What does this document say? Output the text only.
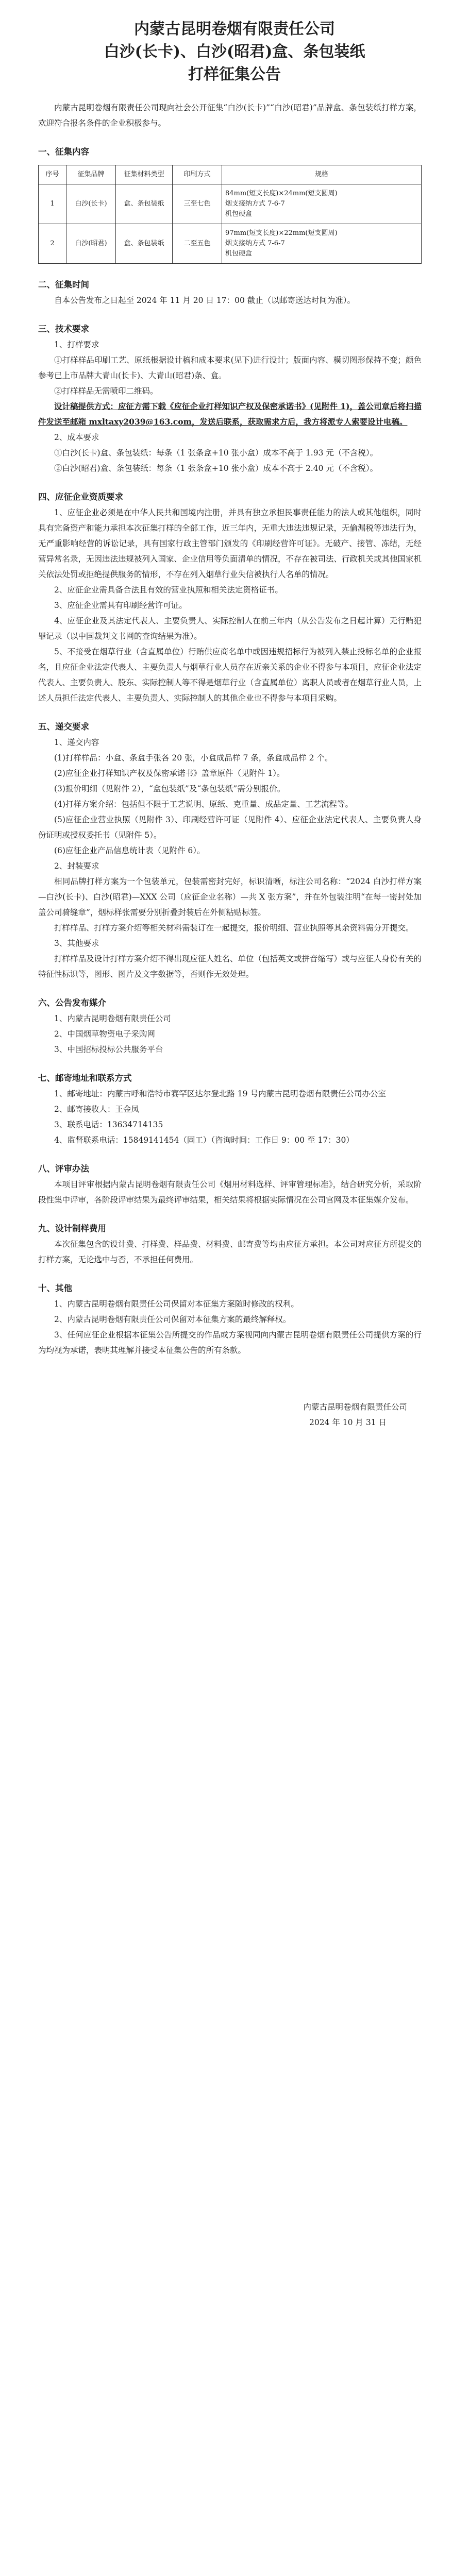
内蒙古昆明卷烟有限责任公司
白沙(长卡)、白沙(昭君)盒、条包装纸
打样征集公告

内蒙古昆明卷烟有限责任公司现向社会公开征集“白沙(长卡)”“白沙(昭君)”品牌盒、条包装纸打样方案，欢迎符合报名条件的企业积极参与。

一、征集内容

序号	征集品牌	征集材料类型	印刷方式	规格
1	白沙(长卡)	盒、条包装纸	三至七色	84mm(短支长度)×24mm(短支圆周)
烟支接纳方式 7-6-7
机包硬盒
2	白沙(昭君)	盒、条包装纸	二至五色	97mm(短支长度)×22mm(短支圆周)
烟支接纳方式 7-6-7
机包硬盒

二、征集时间

自本公告发布之日起至 2024 年 11 月 20 日 17：00 截止（以邮寄送达时间为准）。

三、技术要求

1、打样要求

①打样样品印刷工艺、原纸根据设计稿和成本要求(见下)进行设计；版面内容、模切图形保持不变；颜色参考已上市品牌大青山(长卡)、大青山(昭君)条、盒。

②打样样品无需喷印二维码。

设计稿提供方式：应征方需下载《应征企业打样知识产权及保密承诺书》(见附件 1)，盖公司章后将扫描件发送至邮箱 mxltaxy2039@163.com，发送后联系，获取需求方后，我方将派专人索要设计电稿。

2、成本要求

①白沙(长卡)盒、条包装纸：每条（1 张条盒+10 张小盒）成本不高于 1.93 元（不含税）。

②白沙(昭君)盒、条包装纸：每条（1 张条盒+10 张小盒）成本不高于 2.40 元（不含税）。

四、应征企业资质要求

1、应征企业必须是在中华人民共和国境内注册，并具有独立承担民事责任能力的法人或其他组织，同时具有完备资产和能力承担本次征集打样的全部工作，近三年内，无重大违法违规记录，无偷漏税等违法行为，无严重影响经营的诉讼记录，具有国家行政主管部门颁发的《印刷经营许可证》。无破产、接管、冻结，无经营异常名录，无因违法违规被列入国家、企业信用等负面清单的情况，不存在被司法、行政机关或其他国家机关依法处罚或拒绝提供服务的情形，不存在列入烟草行业失信被执行人名单的情况。

2、应征企业需具备合法且有效的营业执照和相关法定资格证书。

3、应征企业需具有印刷经营许可证。

4、应征企业及其法定代表人、主要负责人、实际控制人在前三年内（从公告发布之日起计算）无行贿犯罪记录（以中国裁判文书网的查询结果为准）。

5、不接受在烟草行业（含直属单位）行贿供应商名单中或因违规招标行为被列入禁止投标名单的企业报名，且应征企业法定代表人、主要负责人与烟草行业人员存在近亲关系的企业不得参与本项目，应征企业法定代表人、主要负责人、股东、实际控制人等不得是烟草行业（含直属单位）离职人员或者在烟草行业人员，上述人员担任法定代表人、主要负责人、实际控制人的其他企业也不得参与本项目采购。

五、递交要求

1、递交内容

(1)打样样品：小盒、条盒手张各 20 张，小盒成品样 7 条，条盒成品样 2 个。

(2)应征企业打样知识产权及保密承诺书》盖章原件（见附件 1）。

(3)报价明细（见附件 2），“盒包装纸”及“条包装纸”需分别报价。

(4)打样方案介绍：包括但不限于工艺说明、原纸、克重量、成品定量、工艺流程等。

(5)应征企业营业执照（见附件 3）、印刷经营许可证（见附件 4）、应征企业法定代表人、主要负责人身份证明或授权委托书（见附件 5）。

(6)应征企业产品信息统计表（见附件 6）。

2、封装要求

相同品牌打样方案为一个包装单元，包装需密封完好，标识清晰，标注公司名称：“2024 白沙打样方案—白沙(长卡)、白沙(昭君)—XXX 公司（应征企业名称）—共 X 张方案”，并在外包装注明“在每一密封处加盖公司骑缝章”，烟标样张需要分别折叠封装后在外侧粘贴标签。

打样样品、打样方案介绍等相关材料需装订在一起提交，报价明细、营业执照等其余资料需分开提交。

3、其他要求

打样样品及设计打样方案介绍不得出现应征人姓名、单位（包括英文或拼音缩写）或与应征人身份有关的特征性标识等，图形、图片及文字数据等，否则作无效处理。

六、公告发布媒介

1、内蒙古昆明卷烟有限责任公司

2、中国烟草物资电子采购网

3、中国招标投标公共服务平台

七、邮寄地址和联系方式

1、邮寄地址：内蒙古呼和浩特市赛罕区达尔登北路 19 号内蒙古昆明卷烟有限责任公司办公室

2、邮寄接收人：王金凤

3、联系电话：13634714135

4、监督联系电话：15849141454（固工）（咨询时间：工作日 9：00 至 17：30）

八、评审办法

本项目评审根据内蒙古昆明卷烟有限责任公司《烟用材料选样、评审管理标准》，结合研究分析，采取阶段性集中评审，各阶段评审结果为最终评审结果，相关结果将根据实际情况在公司官网及本征集媒介发布。

九、设计制样费用

本次征集包含的设计费、打样费、样品费、材料费、邮寄费等均由应征方承担。本公司对应征方所提交的打样方案，无论选中与否，不承担任何费用。

十、其他

1、内蒙古昆明卷烟有限责任公司保留对本征集方案随时修改的权利。

2、内蒙古昆明卷烟有限责任公司保留对本征集方案的最终解释权。

3、任何应征企业根据本征集公告所提交的作品或方案视同向内蒙古昆明卷烟有限责任公司提供方案的行为均视为承诺，表明其理解并接受本征集公告的所有条款。

内蒙古昆明卷烟有限责任公司

2024 年 10 月 31 日
